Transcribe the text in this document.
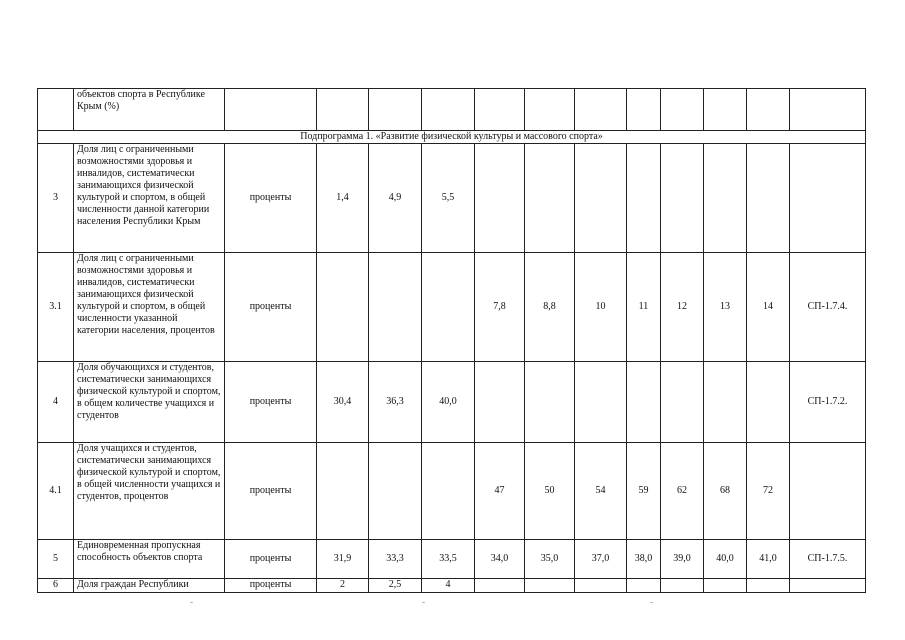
	объектов спорта в Республике Крым (%)												
Подпрограмма 1. «Развитие физической культуры и массового спорта»													
3	Доля лиц с ограниченными возможностями здоровья и инвалидов, систематически занимающихся физической культурой и спортом, в общей численности данной категории населения Республики Крым	проценты	1,4	4,9	5,5								
3.1	Доля лиц с ограниченными возможностями здоровья и инвалидов, систематически занимающихся физической культурой и спортом, в общей численности указанной категории населения, процентов	проценты				7,8	8,8	10	11	12	13	14	СП-1.7.4.
4	Доля обучающихся и студентов, систематически занимающихся физической культурой и спортом, в общем количестве учащихся и студентов	проценты	30,4	36,3	40,0								СП-1.7.2.
4.1	Доля учащихся и студентов, систематически занимающихся физической культурой и спортом, в общей численности учащихся и студентов, процентов	проценты				47	50	54	59	62	68	72	
5	Единовременная пропускная способность объектов спорта	проценты	31,9	33,3	33,5	34,0	35,0	37,0	38,0	39,0	40,0	41,0	СП-1.7.5.
6	Доля граждан Республики	проценты	2	2,5	4								
